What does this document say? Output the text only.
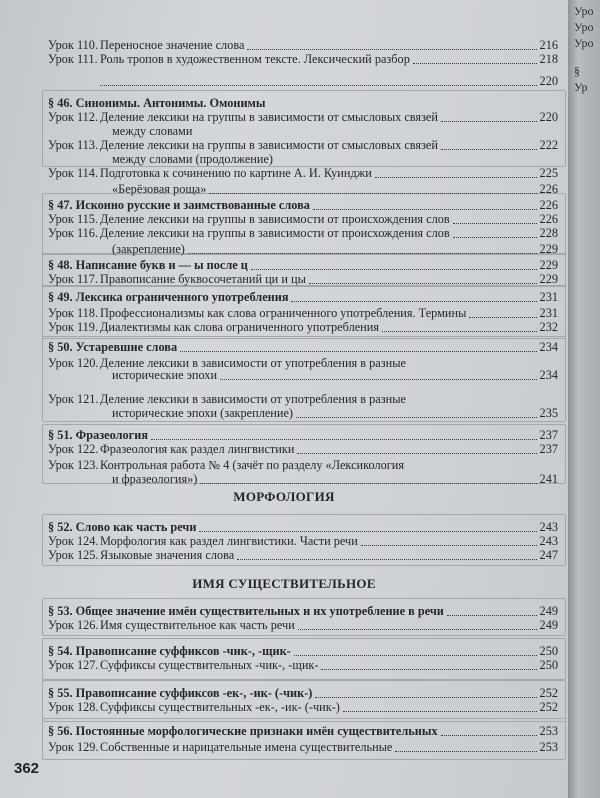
Урок 110. Переносное значение слова	216
Урок 111. Роль тропов в художественном тексте. Лексический разбор	218
220
§ 46. Синонимы. Антонимы. Омонимы
Урок 112. Деление лексики на группы в зависимости от смысловых связей	220
между словами
Урок 113. Деление лексики на группы в зависимости от смысловых связей	222
между словами (продолжение)
Урок 114. Подготовка к сочинению по картине А. И. Куинджи	225
«Берёзовая роща»	226
§ 47. Исконно русские и заимствованные слова	226
Урок 115. Деление лексики на группы в зависимости от происхождения слов	226
Урок 116. Деление лексики на группы в зависимости от происхождения слов	228
(закрепление)	229
§ 48. Написание букв и — ы после ц	229
Урок 117. Правописание буквосочетаний ци и цы	229
§ 49. Лексика ограниченного употребления	231
Урок 118. Профессионализмы как слова ограниченного употребления. Термины	231
Урок 119. Диалектизмы как слова ограниченного употребления	232
§ 50. Устаревшие слова	234
Урок 120. Деление лексики в зависимости от употребления в разные
исторические эпохи	234
Урок 121. Деление лексики в зависимости от употребления в разные
исторические эпохи (закрепление)	235
§ 51. Фразеология	237
Урок 122. Фразеология как раздел лингвистики	237
Урок 123. Контрольная работа № 4 (зачёт по разделу «Лексикология
и фразеология»)	241
§ 52. Слово как часть речи	243
Урок 124. Морфология как раздел лингвистики. Части речи	243
Урок 125. Языковые значения слова	247
§ 53. Общее значение имён существительных и их употребление в речи	249
Урок 126. Имя существительное как часть речи	249
§ 54. Правописание суффиксов -чик-, -щик-	250
Урок 127. Суффиксы существительных -чик-, -щик-	250
§ 55. Правописание суффиксов -ек-, -ик- (-чик-)	252
Урок 128. Суффиксы существительных -ек-, -ик- (-чик-)	252
§ 56. Постоянные морфологические признаки имён существительных	253
Урок 129. Собственные и нарицательные имена существительные	253
МОРФОЛОГИЯ
ИМЯ СУЩЕСТВИТЕЛЬНОЕ
362
Уро
Уро
Уро
§
Ур
